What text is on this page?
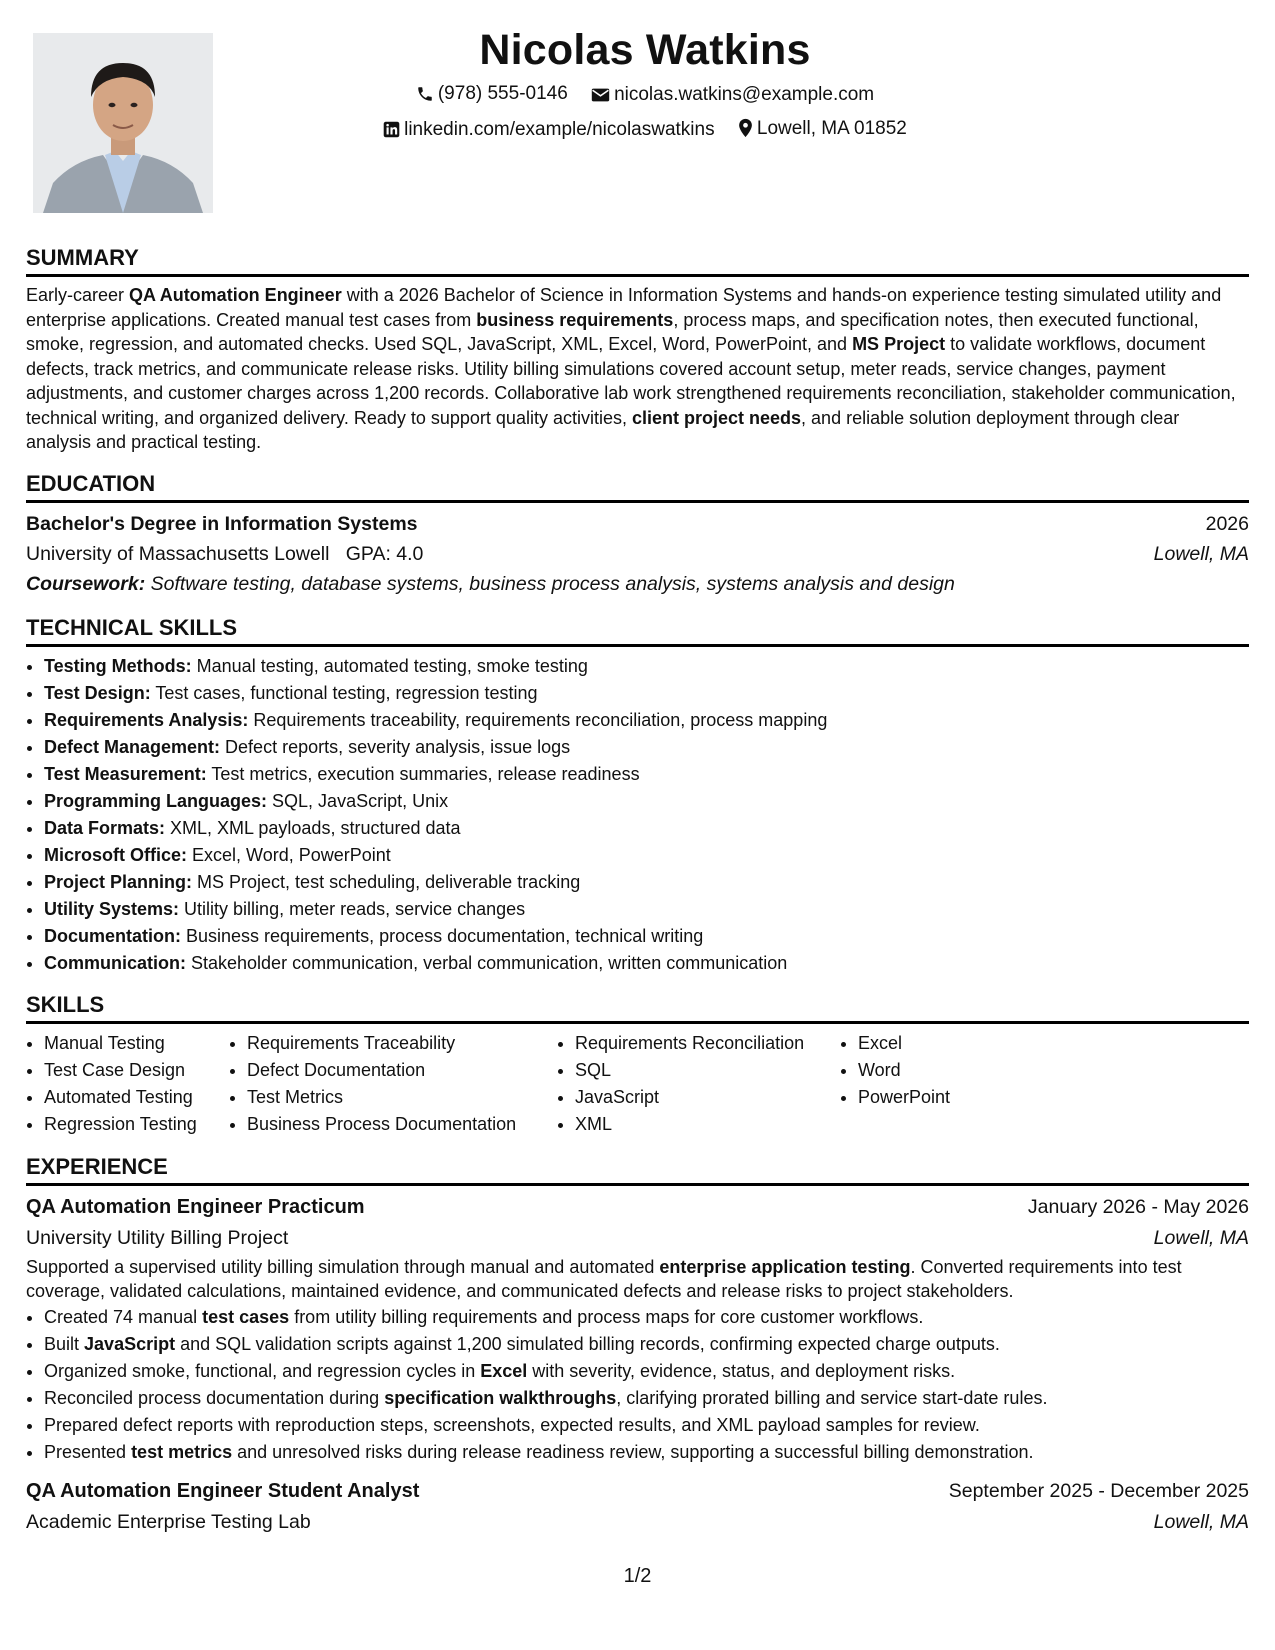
Nicolas Watkins
(978) 555-0146
nicolas.watkins@example.com
linkedin.com/example/nicolaswatkins
Lowell, MA 01852
SUMMARY
Early-career QA Automation Engineer with a 2026 Bachelor of Science in Information Systems and hands-on experience testing simulated utility and enterprise applications. Created manual test cases from business requirements, process maps, and specification notes, then executed functional, smoke, regression, and automated checks. Used SQL, JavaScript, XML, Excel, Word, PowerPoint, and MS Project to validate workflows, document defects, track metrics, and communicate release risks. Utility billing simulations covered account setup, meter reads, service changes, payment adjustments, and customer charges across 1,200 records. Collaborative lab work strengthened requirements reconciliation, stakeholder communication, technical writing, and organized delivery. Ready to support quality activities, client project needs, and reliable solution deployment through clear analysis and practical testing.
EDUCATION
Bachelor's Degree in Information Systems	2026
University of Massachusetts Lowell GPA: 4.0	Lowell, MA
Coursework: Software testing, database systems, business process analysis, systems analysis and design
TECHNICAL SKILLS
• Testing Methods: Manual testing, automated testing, smoke testing
• Test Design: Test cases, functional testing, regression testing
• Requirements Analysis: Requirements traceability, requirements reconciliation, process mapping
• Defect Management: Defect reports, severity analysis, issue logs
• Test Measurement: Test metrics, execution summaries, release readiness
• Programming Languages: SQL, JavaScript, Unix
• Data Formats: XML, XML payloads, structured data
• Microsoft Office: Excel, Word, PowerPoint
• Project Planning: MS Project, test scheduling, deliverable tracking
• Utility Systems: Utility billing, meter reads, service changes
• Documentation: Business requirements, process documentation, technical writing
• Communication: Stakeholder communication, verbal communication, written communication
SKILLS
• Manual Testing
• Test Case Design
• Automated Testing
• Regression Testing
• Requirements Traceability
• Defect Documentation
• Test Metrics
• Business Process Documentation
• Requirements Reconciliation
• SQL
• JavaScript
• XML
• Excel
• Word
• PowerPoint
EXPERIENCE
QA Automation Engineer Practicum	January 2026 - May 2026
University Utility Billing Project	Lowell, MA
Supported a supervised utility billing simulation through manual and automated enterprise application testing. Converted requirements into test coverage, validated calculations, maintained evidence, and communicated defects and release risks to project stakeholders.
• Created 74 manual test cases from utility billing requirements and process maps for core customer workflows.
• Built JavaScript and SQL validation scripts against 1,200 simulated billing records, confirming expected charge outputs.
• Organized smoke, functional, and regression cycles in Excel with severity, evidence, status, and deployment risks.
• Reconciled process documentation during specification walkthroughs, clarifying prorated billing and service start-date rules.
• Prepared defect reports with reproduction steps, screenshots, expected results, and XML payload samples for review.
• Presented test metrics and unresolved risks during release readiness review, supporting a successful billing demonstration.
QA Automation Engineer Student Analyst	September 2025 - December 2025
Academic Enterprise Testing Lab	Lowell, MA
1/2
